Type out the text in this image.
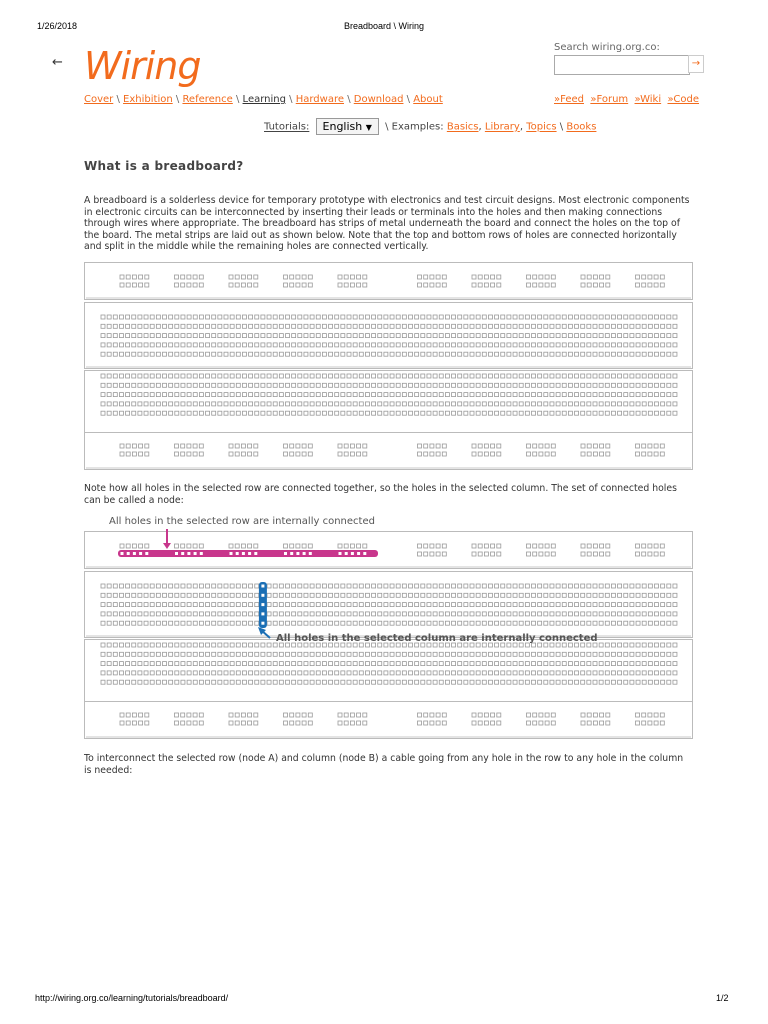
1/26/2018	Breadboard \ Wiring
http://wiring.org.co/learning/tutorials/breadboard/	1/2
← Wiring	Search wiring.org.co:
→
Cover \ Exhibition \ Reference \ Learning \ Hardware \ Download \ About	»Feed »Forum »Wiki »Code
Tutorials: English ▼ \ Examples: Basics, Library, Topics \ Books
What is a breadboard?
A breadboard is a solderless device for temporary prototype with electronics and test circuit designs. Most electronic components in electronic circuits can be interconnected by inserting their leads or terminals into the holes and then making connections through wires where appropriate. The breadboard has strips of metal underneath the board and connect the holes on the top of the board. The metal strips are laid out as shown below. Note that the top and bottom rows of holes are connected horizontally and split in the middle while the remaining holes are connected vertically.
Note how all holes in the selected row are connected together, so the holes in the selected column. The set of connected holes can be called a node:
All holes in the selected row are internally connected
All holes in the selected column are internally connected
To interconnect the selected row (node A) and column (node B) a cable going from any hole in the row to any hole in the column is needed:
